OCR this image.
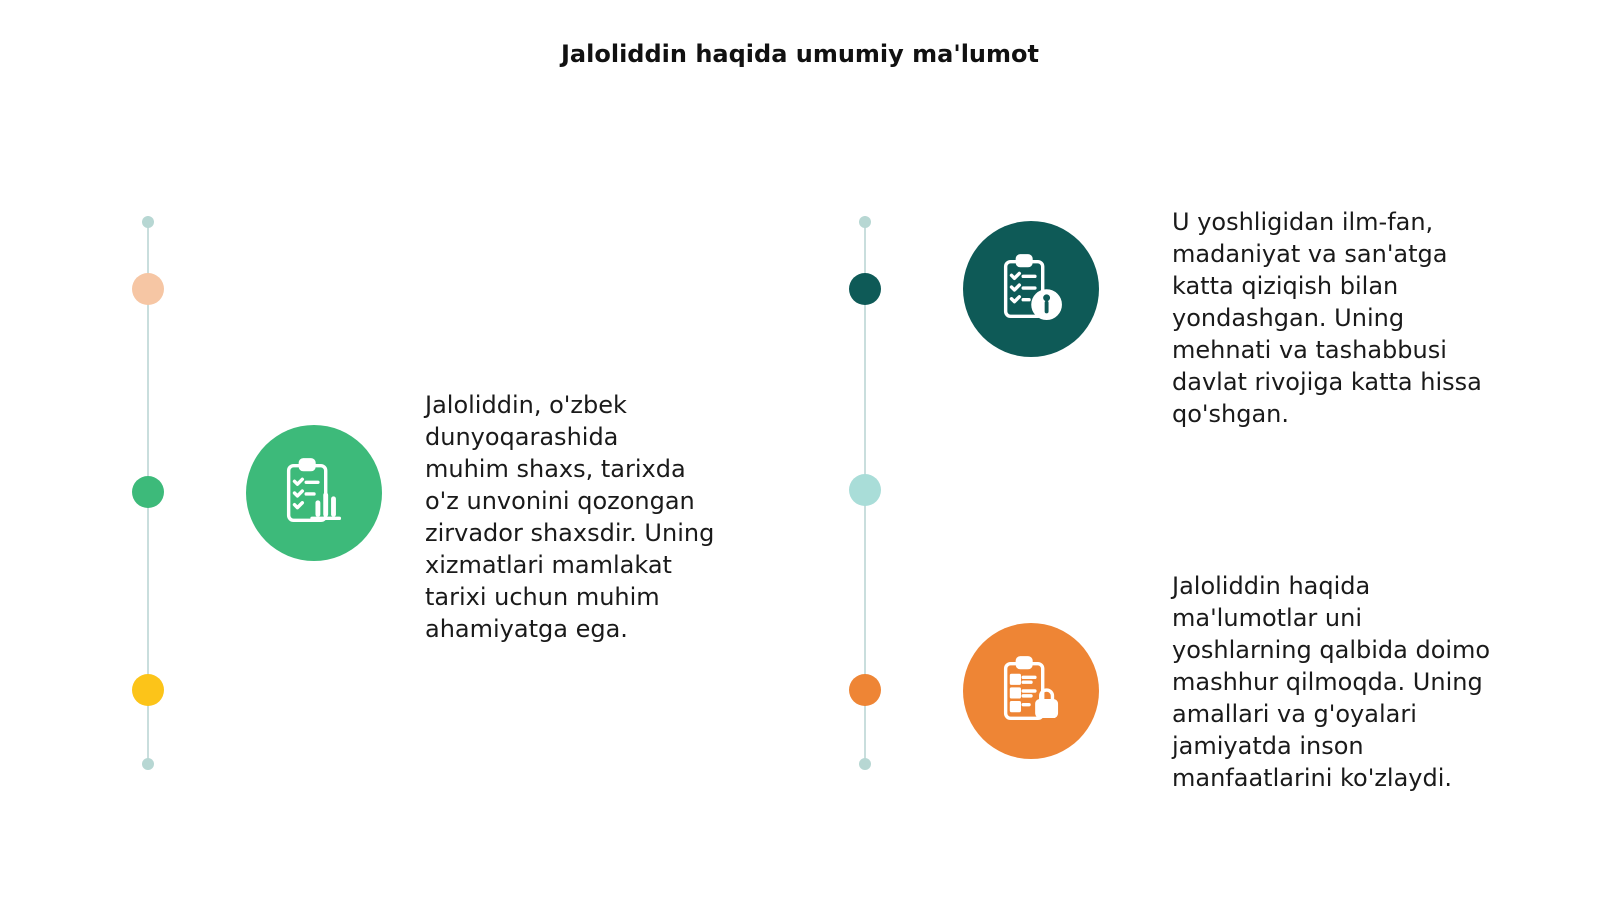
Jaloliddin haqida umumiy ma'lumot
Jaloliddin, o'zbek
dunyoqarashida
muhim shaxs, tarixda
o'z unvonini qozongan
zirvador shaxsdir. Uning
xizmatlari mamlakat
tarixi uchun muhim
ahamiyatga ega.
U yoshligidan ilm-fan,
madaniyat va san'atga
katta qiziqish bilan
yondashgan. Uning
mehnati va tashabbusi
davlat rivojiga katta hissa
qo'shgan.
Jaloliddin haqida
ma'lumotlar uni
yoshlarning qalbida doimo
mashhur qilmoqda. Uning
amallari va g'oyalari
jamiyatda inson
manfaatlarini ko'zlaydi.
